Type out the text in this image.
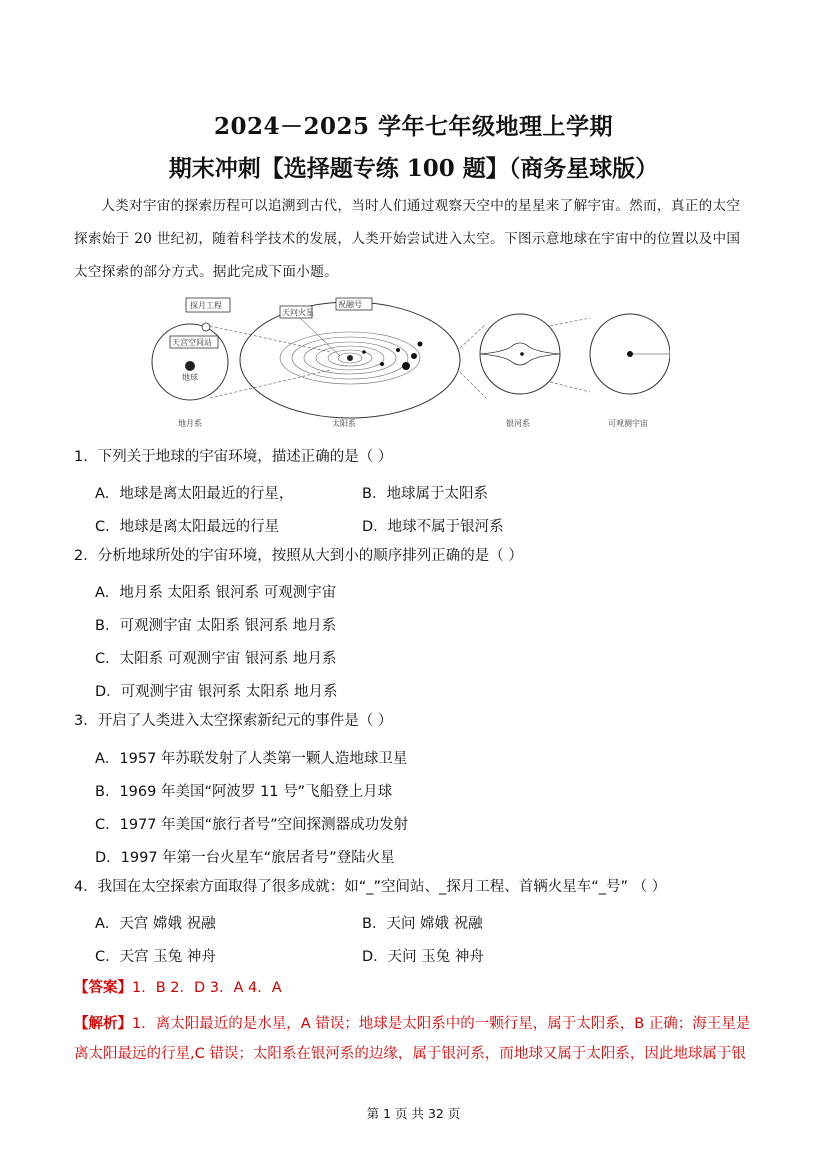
2024－2025 学年七年级地理上学期
期末冲刺【选择题专练 100 题】（商务星球版）
人类对宇宙的探索历程可以追溯到古代，当时人们通过观察天空中的星星来了解宇宙。然而，真正的太空探索始于 20 世纪初，随着科学技术的发展，人类开始尝试进入太空。下图示意地球在宇宙中的位置以及中国太空探索的部分方式。据此完成下面小题。
探月工程
天宫空间站
地球
天问火星
祝融号
地月系	太阳系	银河系	可观测宇宙
1．下列关于地球的宇宙环境，描述正确的是（ ）
A．地球是离太阳最近的行星，	B．地球属于太阳系
C．地球是离太阳最远的行星	D．地球不属于银河系
2．分析地球所处的宇宙环境，按照从大到小的顺序排列正确的是（ ）
A．地月系 太阳系 银河系 可观测宇宙
B．可观测宇宙 太阳系 银河系 地月系
C．太阳系 可观测宇宙 银河系 地月系
D．可观测宇宙 银河系 太阳系 地月系
3．开启了人类进入太空探索新纪元的事件是（ ）
A．1957 年苏联发射了人类第一颗人造地球卫星
B．1969 年美国“阿波罗 11 号”飞船登上月球
C．1977 年美国“旅行者号”空间探测器成功发射
D．1997 年第一台火星车“旅居者号”登陆火星
4．我国在太空探索方面取得了很多成就：如“_”空间站、_探月工程、首辆火星车“_号” （ ）
A．天宫 嫦娥 祝融	B．天问 嫦娥 祝融
C．天宫 玉兔 神舟	D．天问 玉兔 神舟
【答案】1．B 2．D 3．A 4．A
【解析】1．离太阳最近的是水星，A 错误；地球是太阳系中的一颗行星，属于太阳系，B 正确；海王星是离太阳最远的行星,C 错误；太阳系在银河系的边缘，属于银河系，而地球又属于太阳系，因此地球属于银
第 1 页 共 32 页
